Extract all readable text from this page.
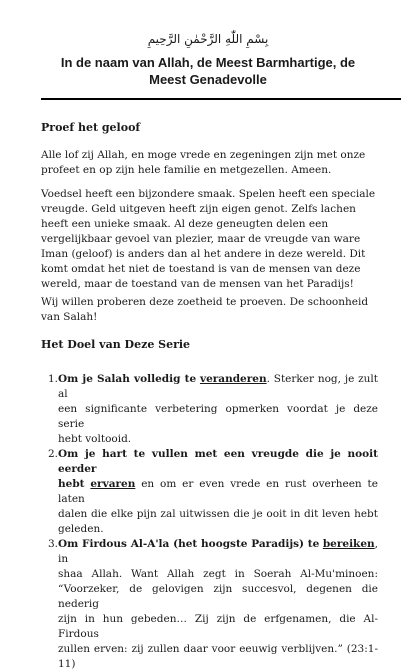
بِسْمِ اللّٰهِ الرَّحْمٰنِ الرَّحِيمِ
In de naam van Allah, de Meest Barmhartige, de
Meest Genadevolle
Proef het geloof
Alle lof zij Allah, en moge vrede en zegeningen zijn met onze
profeet en op zijn hele familie en metgezellen. Ameen.
Voedsel heeft een bijzondere smaak. Spelen heeft een speciale
vreugde. Geld uitgeven heeft zijn eigen genot. Zelfs lachen
heeft een unieke smaak. Al deze geneugten delen een
vergelijkbaar gevoel van plezier, maar de vreugde van ware
Iman (geloof) is anders dan al het andere in deze wereld. Dit
komt omdat het niet de toestand is van de mensen van deze
wereld, maar de toestand van de mensen van het Paradijs!
Wij willen proberen deze zoetheid te proeven. De schoonheid
van Salah!
Het Doel van Deze Serie
1. Om je Salah volledig te veranderen. Sterker nog, je zult al
een significante verbetering opmerken voordat je deze serie
hebt voltooid.
2. Om je hart te vullen met een vreugde die je nooit eerder
hebt ervaren en om er even vrede en rust overheen te laten
dalen die elke pijn zal uitwissen die je ooit in dit leven hebt
geleden.
3. Om Firdous Al-A'la (het hoogste Paradijs) te bereiken, in
shaa Allah. Want Allah zegt in Soerah Al-Mu'minoen:
“Voorzeker, de gelovigen zijn succesvol, degenen die nederig
zijn in hun gebeden… Zij zijn de erfgenamen, die Al-Firdous
zullen erven: zij zullen daar voor eeuwig verblijven.” (23:1-
11)
